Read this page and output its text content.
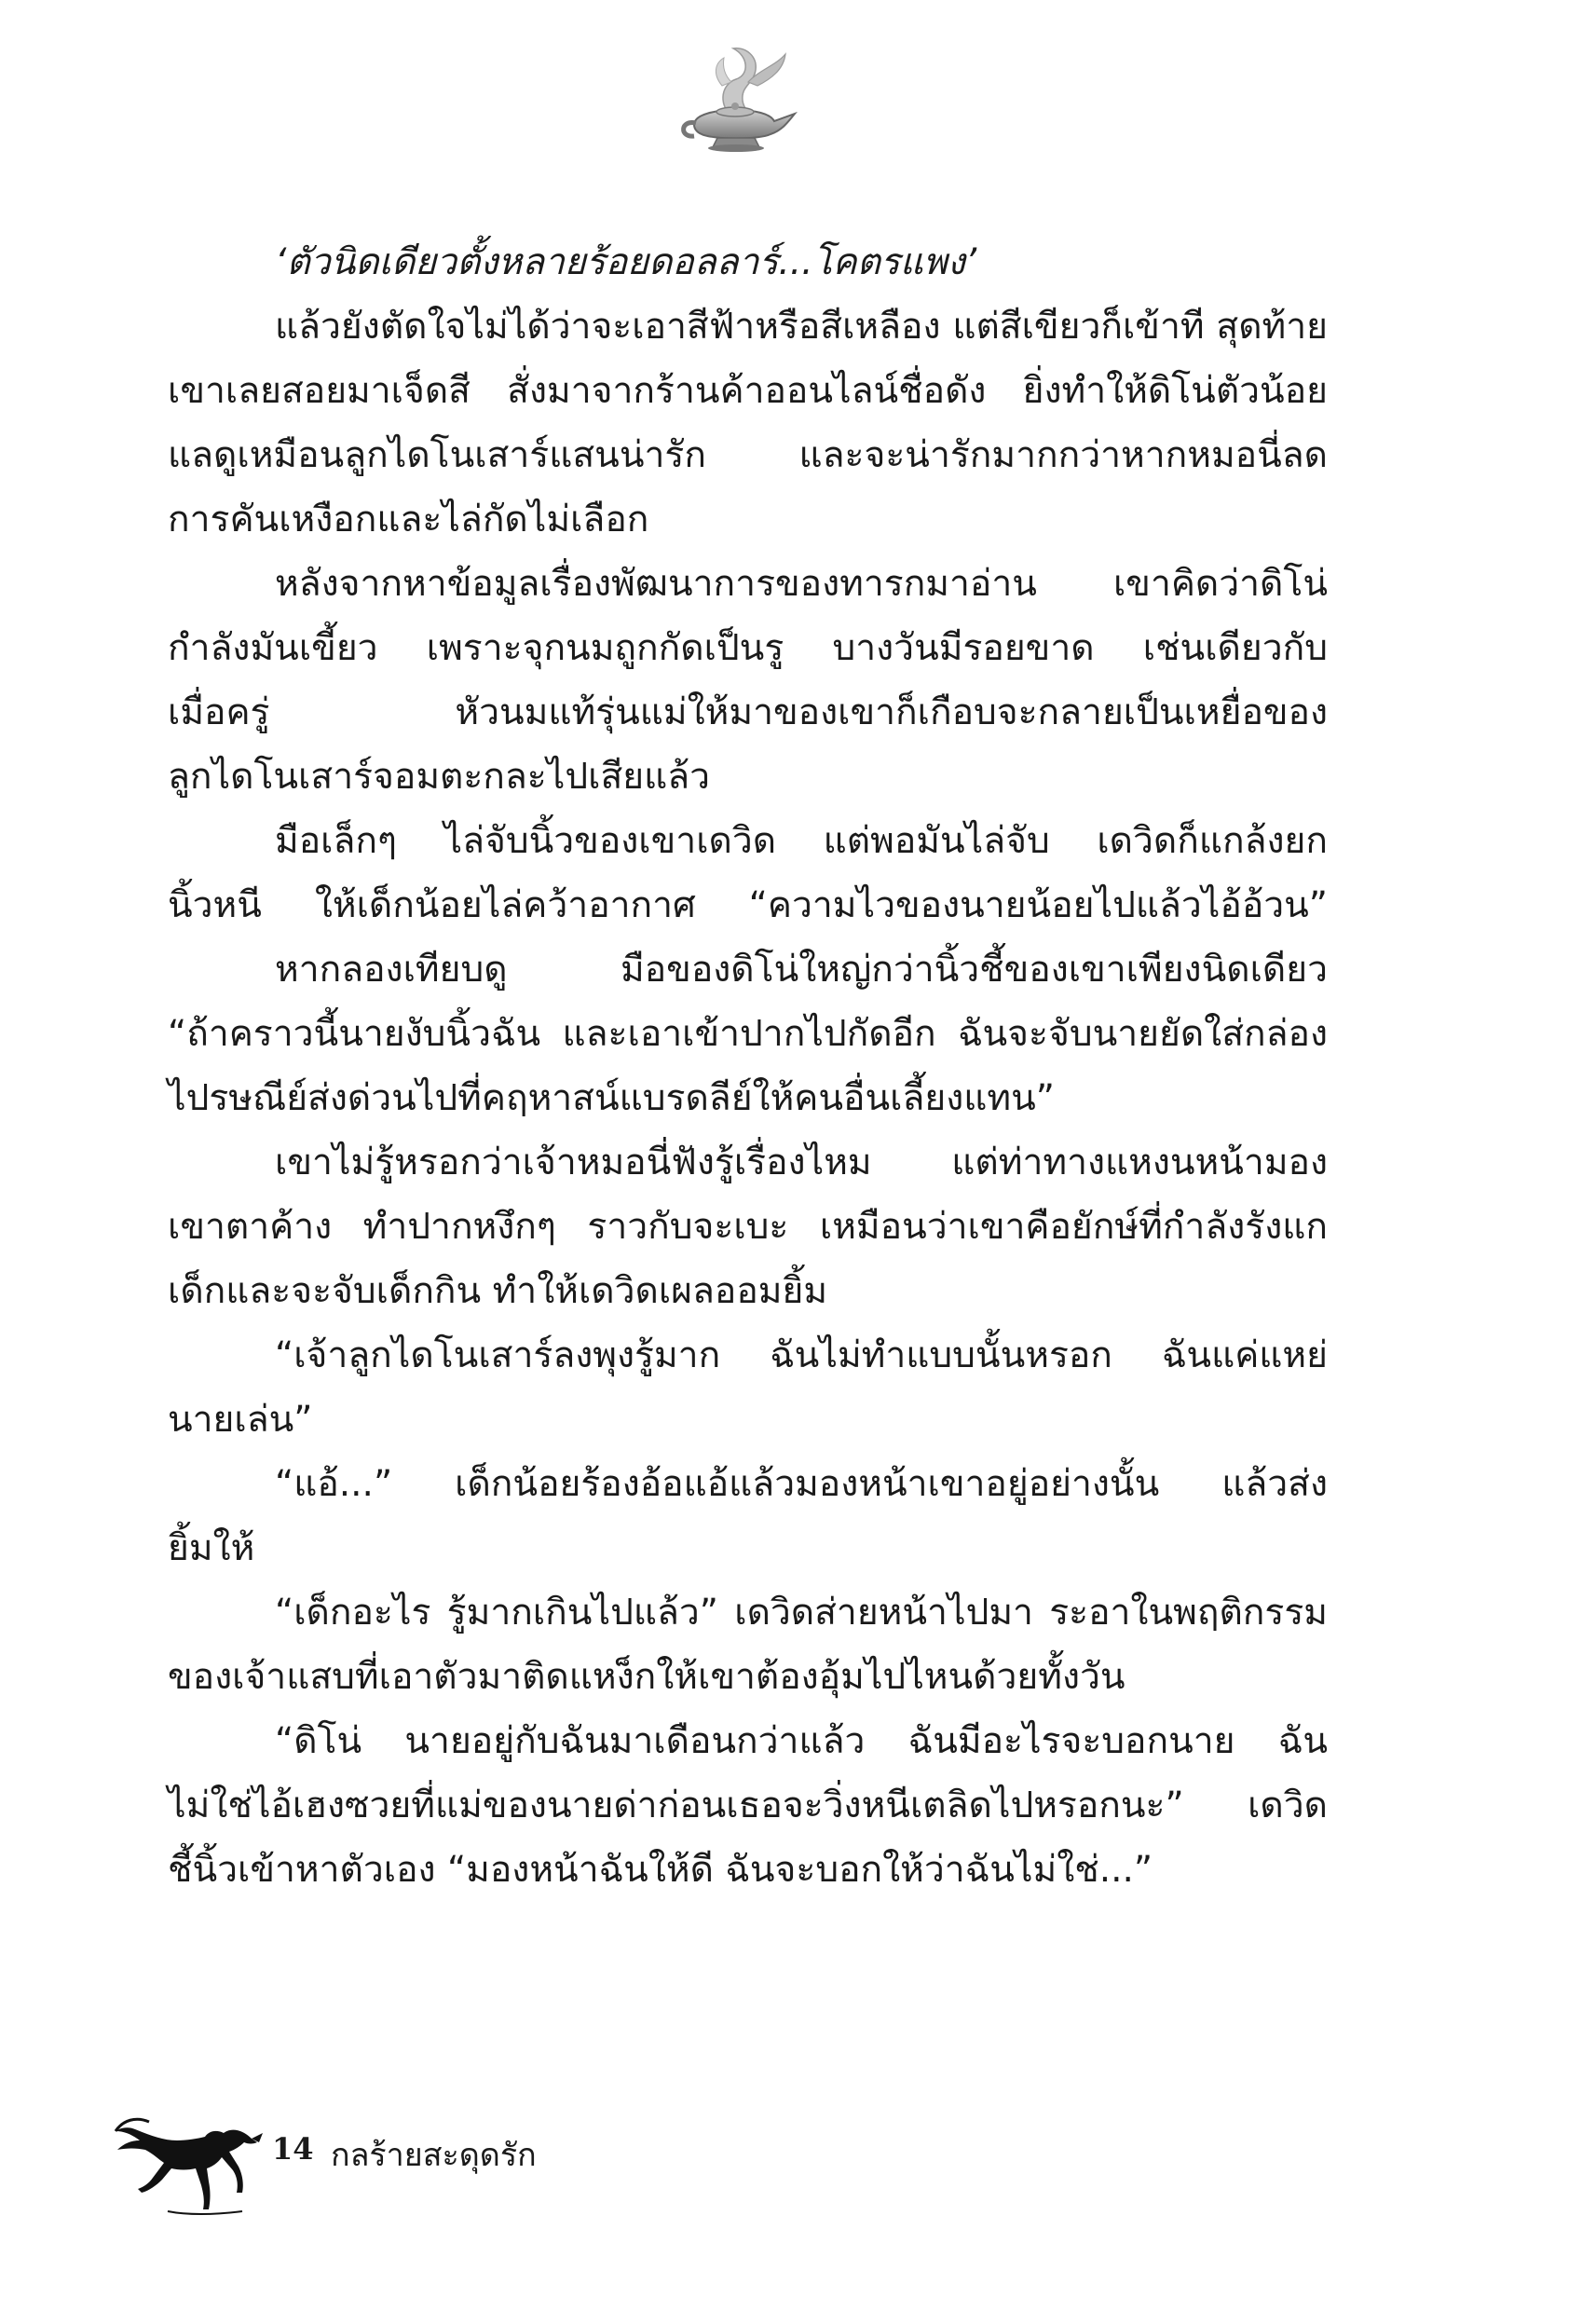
‘ตัวนิดเดียวตั้งหลายร้อยดอลลาร์...โคตรแพง’
แล้วยังตัดใจไม่ได้ว่าจะเอาสีฟ้าหรือสีเหลือง แต่สีเขียวก็เข้าที สุดท้าย
เขาเลยสอยมาเจ็ดสี สั่งมาจากร้านค้าออนไลน์ชื่อดัง ยิ่งทำให้ดิโน่ตัวน้อย
แลดูเหมือนลูกไดโนเสาร์แสนน่ารัก และจะน่ารักมากกว่าหากหมอนี่ลด
การคันเหงือกและไล่กัดไม่เลือก
หลังจากหาข้อมูลเรื่องพัฒนาการของทารกมาอ่าน เขาคิดว่าดิโน่
กำลังมันเขี้ยว เพราะจุกนมถูกกัดเป็นรู บางวันมีรอยขาด เช่นเดียวกับ
เมื่อครู่ หัวนมแท้รุ่นแม่ให้มาของเขาก็เกือบจะกลายเป็นเหยื่อของ
ลูกไดโนเสาร์จอมตะกละไปเสียแล้ว
มือเล็กๆ ไล่จับนิ้วของเขาเดวิด แต่พอมันไล่จับ เดวิดก็แกล้งยก
นิ้วหนี ให้เด็กน้อยไล่คว้าอากาศ “ความไวของนายน้อยไปแล้วไอ้อ้วน”
หากลองเทียบดู มือของดิโน่ใหญ่กว่านิ้วชี้ของเขาเพียงนิดเดียว
“ถ้าคราวนี้นายงับนิ้วฉัน และเอาเข้าปากไปกัดอีก ฉันจะจับนายยัดใส่กล่อง
ไปรษณีย์ส่งด่วนไปที่คฤหาสน์แบรดลีย์ให้คนอื่นเลี้ยงแทน”
เขาไม่รู้หรอกว่าเจ้าหมอนี่ฟังรู้เรื่องไหม แต่ท่าทางแหงนหน้ามอง
เขาตาค้าง ทำปากหงึกๆ ราวกับจะเบะ เหมือนว่าเขาคือยักษ์ที่กำลังรังแก
เด็กและจะจับเด็กกิน ทำให้เดวิดเผลออมยิ้ม
“เจ้าลูกไดโนเสาร์ลงพุงรู้มาก ฉันไม่ทำแบบนั้นหรอก ฉันแค่แหย่
นายเล่น”
“แอ้...” เด็กน้อยร้องอ้อแอ้แล้วมองหน้าเขาอยู่อย่างนั้น แล้วส่ง
ยิ้มให้
“เด็กอะไร รู้มากเกินไปแล้ว” เดวิดส่ายหน้าไปมา ระอาในพฤติกรรม
ของเจ้าแสบที่เอาตัวมาติดแหง็กให้เขาต้องอุ้มไปไหนด้วยทั้งวัน
“ดิโน่ นายอยู่กับฉันมาเดือนกว่าแล้ว ฉันมีอะไรจะบอกนาย ฉัน
ไม่ใช่ไอ้เฮงซวยที่แม่ของนายด่าก่อนเธอจะวิ่งหนีเตลิดไปหรอกนะ” เดวิด
ชี้นิ้วเข้าหาตัวเอง “มองหน้าฉันให้ดี ฉันจะบอกให้ว่าฉันไม่ใช่...”
14 กลร้ายสะดุดรัก
